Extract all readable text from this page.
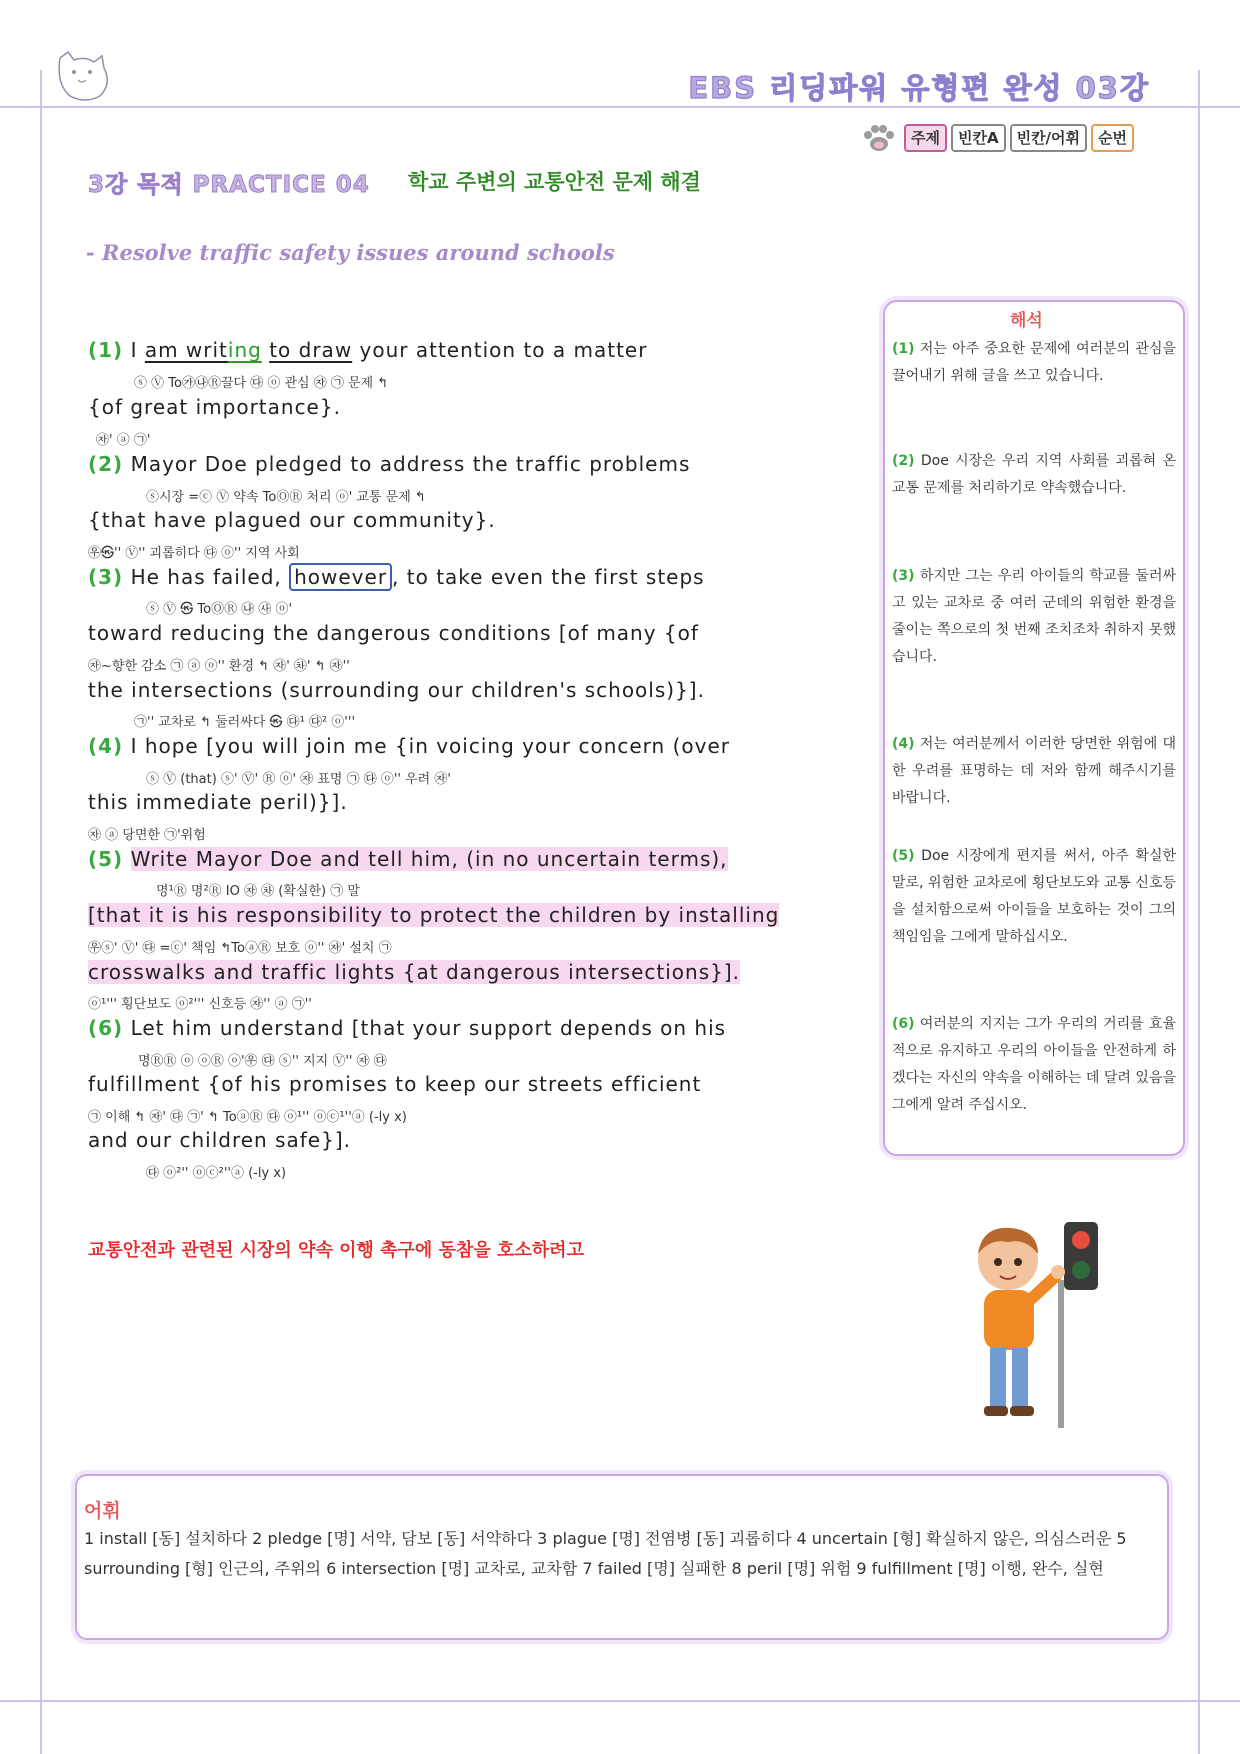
EBS 리딩파워 유형편 완성 03강
주제	빈칸A	빈칸/어휘	순번
3강 목적 PRACTICE 04 학교 주변의 교통안전 문제 해결
- Resolve traffic safety issues around schools
(1) I am writing to draw your attention to a matter
ⓢ Ⓥ To㉮㉯Ⓡ끌다 ㉰ ⓞ 관심 ㉶ ㉠ 문제 ↰
{of great importance}.
㉶' ⓐ ㉠'
(2) Mayor Doe pledged to address the traffic problems
ⓢ시장 =ⓒ Ⓥ 약속 ToⓄⓇ 처리 ⓞ' 교통 문제 ↰
{that have plagued our community}.
㉾㉿'' Ⓥ'' 괴롭히다 ㉰ ⓞ'' 지역 사회
(3) He has failed, however , to take even the first steps
ⓢ Ⓥ ㉿ ToⓄⓇ ㉯ ㉴ ⓞ'
toward reducing the dangerous conditions [of many {of
㉶~향한 감소 ㉠ ⓐ ⓞ'' 환경 ↰ ㉶' ㉷' ↰ ㉶''
the intersections (surrounding our children's schools)}].
㉠'' 교차로 ↰ 둘러싸다 ㉿ ㉰¹ ㉰² ⓞ'''
(4) I hope [you will join me {in voicing your concern (over
ⓢ Ⓥ (that) ⓢ' Ⓥ' Ⓡ ⓞ' ㉶ 표명 ㉠ ㉰ ⓞ'' 우려 ㉶'
this immediate peril)}].
㉶ ⓐ 당면한 ㉠'위험
(5) Write Mayor Doe and tell him, (in no uncertain terms),
명¹Ⓡ 명²Ⓡ IO ㉶ ㉷ (확실한) ㉠ 말
[that it is his responsibility to protect the children by installing
㉾ⓢ' Ⓥ' ㉰ =ⓒ' 책임 ↰ToⓐⓇ 보호 ⓞ'' ㉶' 설치 ㉠
crosswalks and traffic lights {at dangerous intersections}].
ⓞ¹''' 횡단보도 ⓞ²''' 신호등 ㉶'' ⓐ ㉠''
(6) Let him understand [that your support depends on his
명ⓇⓇ ⓞ ⓞⓇ ⓞ'㉾ ㉰ ⓢ'' 지지 Ⓥ'' ㉶ ㉰
fulfillment {of his promises to keep our streets efficient
㉠ 이해 ↰ ㉶' ㉰ ㉠' ↰ ToⓐⓇ ㉰ ⓞ¹'' ⓞⓒ¹''ⓐ (-ly x)
and our children safe}].
㉰ ⓞ²'' ⓞⓒ²''ⓐ (-ly x)
해석
(1) 저는 아주 중요한 문제에 여러분의 관심을 끌어내기 위해 글을 쓰고 있습니다.
(2) Doe 시장은 우리 지역 사회를 괴롭혀 온 교통 문제를 처리하기로 약속했습니다.
(3) 하지만 그는 우리 아이들의 학교를 둘러싸고 있는 교차로 중 여러 군데의 위험한 환경을 줄이는 쪽으로의 첫 번째 조치조차 취하지 못했습니다.
(4) 저는 여러분께서 이러한 당면한 위험에 대한 우려를 표명하는 데 저와 함께 해주시기를 바랍니다.
(5) Doe 시장에게 편지를 써서, 아주 확실한 말로, 위험한 교차로에 횡단보도와 교통 신호등을 설치함으로써 아이들을 보호하는 것이 그의 책임임을 그에게 말하십시오.
(6) 여러분의 지지는 그가 우리의 거리를 효율적으로 유지하고 우리의 아이들을 안전하게 하겠다는 자신의 약속을 이해하는 데 달려 있음을 그에게 알려 주십시오.
교통안전과 관련된 시장의 약속 이행 촉구에 동참을 호소하려고
어휘
1 install [동] 설치하다 2 pledge [명] 서약, 담보 [동] 서약하다 3 plague [명] 전염병 [동] 괴롭히다 4 uncertain [형] 확실하지 않은, 의심스러운 5 surrounding [형] 인근의, 주위의 6 intersection [명] 교차로, 교차함 7 failed [명] 실패한 8 peril [명] 위험 9 fulfillment [명] 이행, 완수, 실현
